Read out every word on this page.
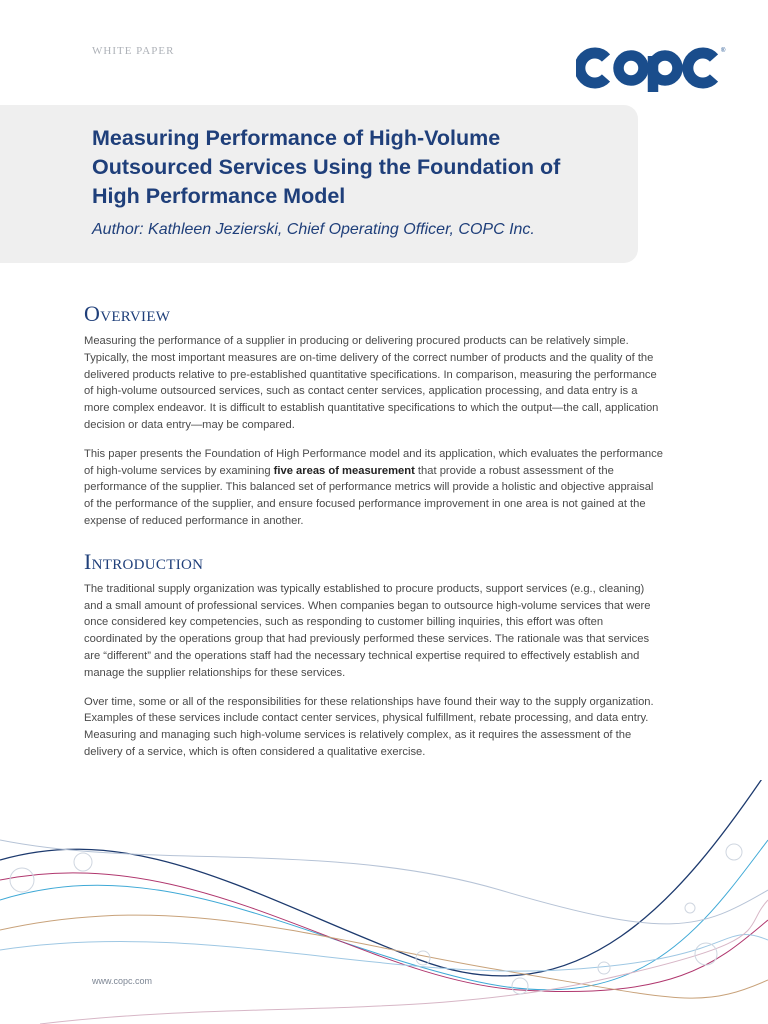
WHITE PAPER	®
Measuring Performance of High-Volume Outsourced Services Using the Foundation of High Performance Model
Author: Kathleen Jezierski, Chief Operating Officer, COPC Inc.
Overview

Measuring the performance of a supplier in producing or delivering procured products can be relatively simple. Typically, the most important measures are on-time delivery of the correct number of products and the quality of the delivered products relative to pre-established quantitative specifications. In comparison, measuring the performance of high-volume outsourced services, such as contact center services, application processing, and data entry is a more complex endeavor. It is difficult to establish quantitative specifications to which the output—the call, application decision or data entry—may be compared.

This paper presents the Foundation of High Performance model and its application, which evaluates the performance of high-volume services by examining five areas of measurement that provide a robust assessment of the performance of the supplier. This balanced set of performance metrics will provide a holistic and objective appraisal of the performance of the supplier, and ensure focused performance improvement in one area is not gained at the expense of reduced performance in another.

Introduction

The traditional supply organization was typically established to procure products, support services (e.g., cleaning) and a small amount of professional services. When companies began to outsource high-volume services that were once considered key competencies, such as responding to customer billing inquiries, this effort was often coordinated by the operations group that had previously performed these services. The rationale was that services are “different” and the operations staff had the necessary technical expertise required to effectively establish and manage the supplier relationships for these services.

Over time, some or all of the responsibilities for these relationships have found their way to the supply organization. Examples of these services include contact center services, physical fulfillment, rebate processing, and data entry. Measuring and managing such high-volume services is relatively complex, as it requires the assessment of the delivery of a service, which is often considered a qualitative exercise.

www.copc.com
